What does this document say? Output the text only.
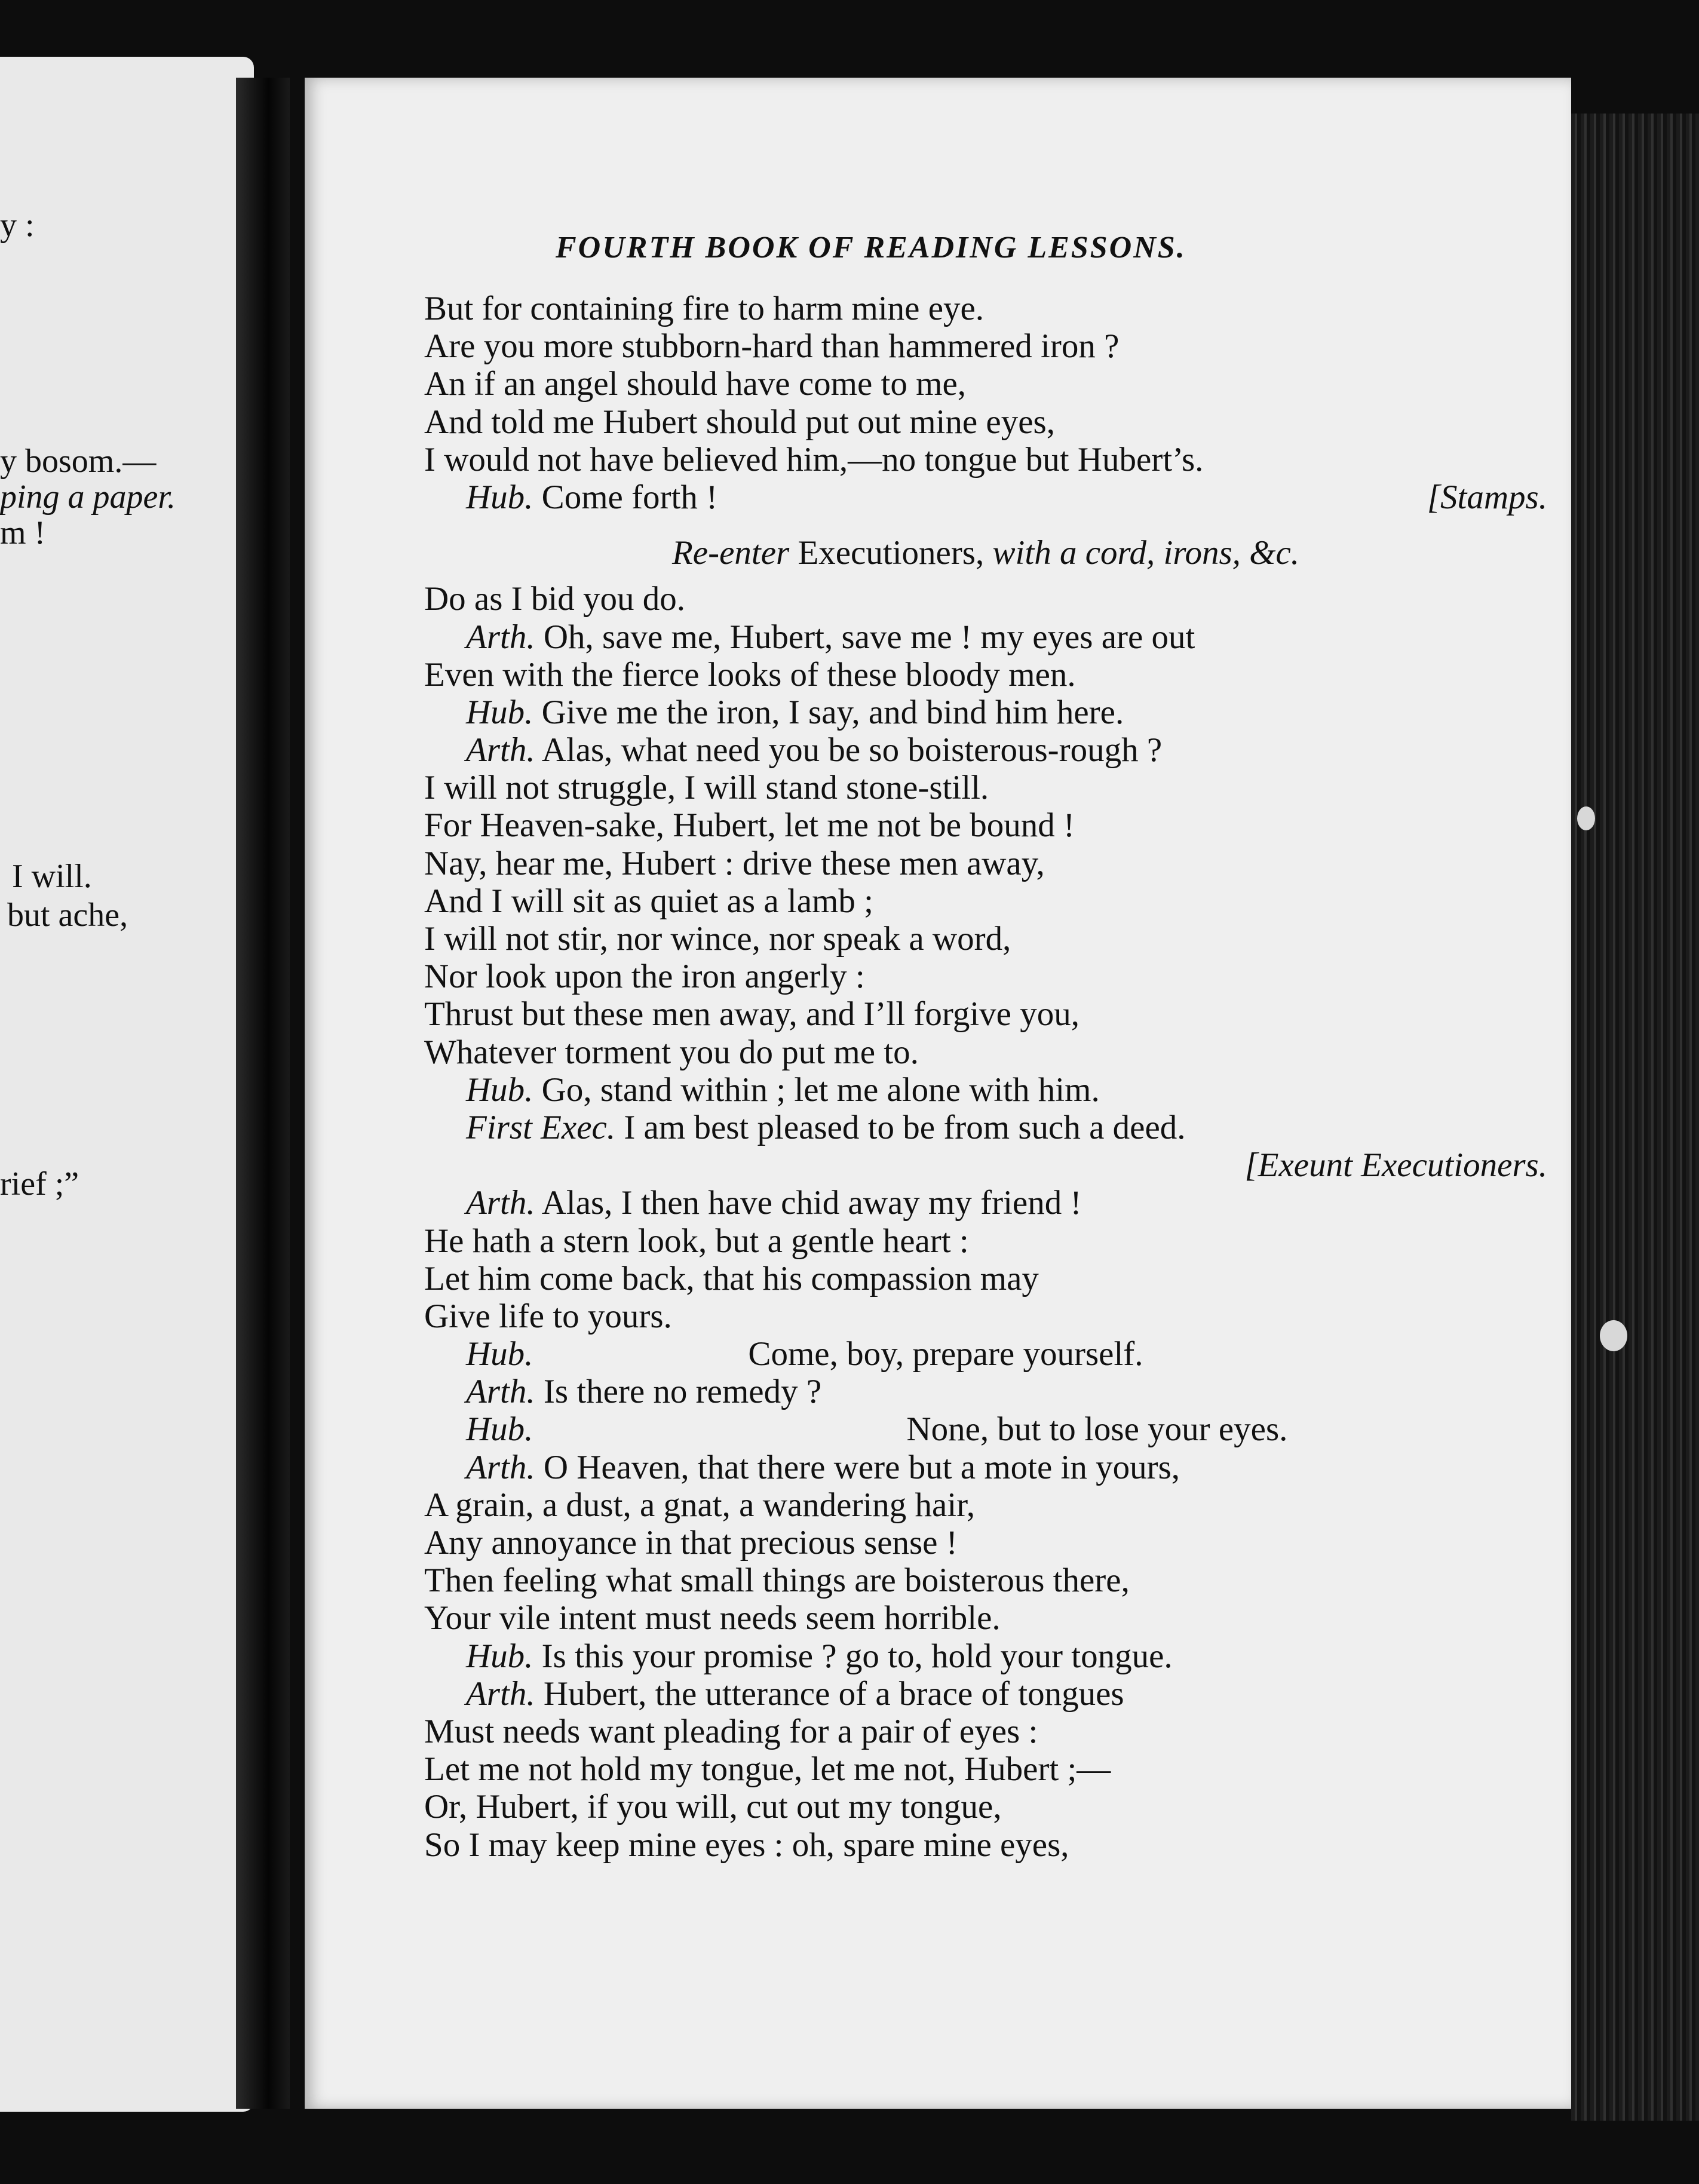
y :
y bosom.—
ping a paper.
m !
I will.
but ache,
rief ;”
FOURTH BOOK OF READING LESSONS.
But for containing fire to harm mine eye.
Are you more stubborn-hard than hammered iron ?
An if an angel should have come to me,
And told me Hubert should put out mine eyes,
I would not have believed him,—no tongue but Hubert’s.
Hub. Come forth !	[Stamps.
Re-enter Executioners, with a cord, irons, &c.
Do as I bid you do.
Arth. Oh, save me, Hubert, save me ! my eyes are out
Even with the fierce looks of these bloody men.
Hub. Give me the iron, I say, and bind him here.
Arth. Alas, what need you be so boisterous-rough ?
I will not struggle, I will stand stone-still.
For Heaven-sake, Hubert, let me not be bound !
Nay, hear me, Hubert : drive these men away,
And I will sit as quiet as a lamb ;
I will not stir, nor wince, nor speak a word,
Nor look upon the iron angerly :
Thrust but these men away, and I’ll forgive you,
Whatever torment you do put me to.
Hub. Go, stand within ; let me alone with him.
First Exec. I am best pleased to be from such a deed.
[Exeunt Executioners.
Arth. Alas, I then have chid away my friend !
He hath a stern look, but a gentle heart :
Let him come back, that his compassion may
Give life to yours.
Hub.	Come, boy, prepare yourself.
Arth. Is there no remedy ?
Hub.	None, but to lose your eyes.
Arth. O Heaven, that there were but a mote in yours,
A grain, a dust, a gnat, a wandering hair,
Any annoyance in that precious sense !
Then feeling what small things are boisterous there,
Your vile intent must needs seem horrible.
Hub. Is this your promise ? go to, hold your tongue.
Arth. Hubert, the utterance of a brace of tongues
Must needs want pleading for a pair of eyes :
Let me not hold my tongue, let me not, Hubert ;—
Or, Hubert, if you will, cut out my tongue,
So I may keep mine eyes : oh, spare mine eyes,
